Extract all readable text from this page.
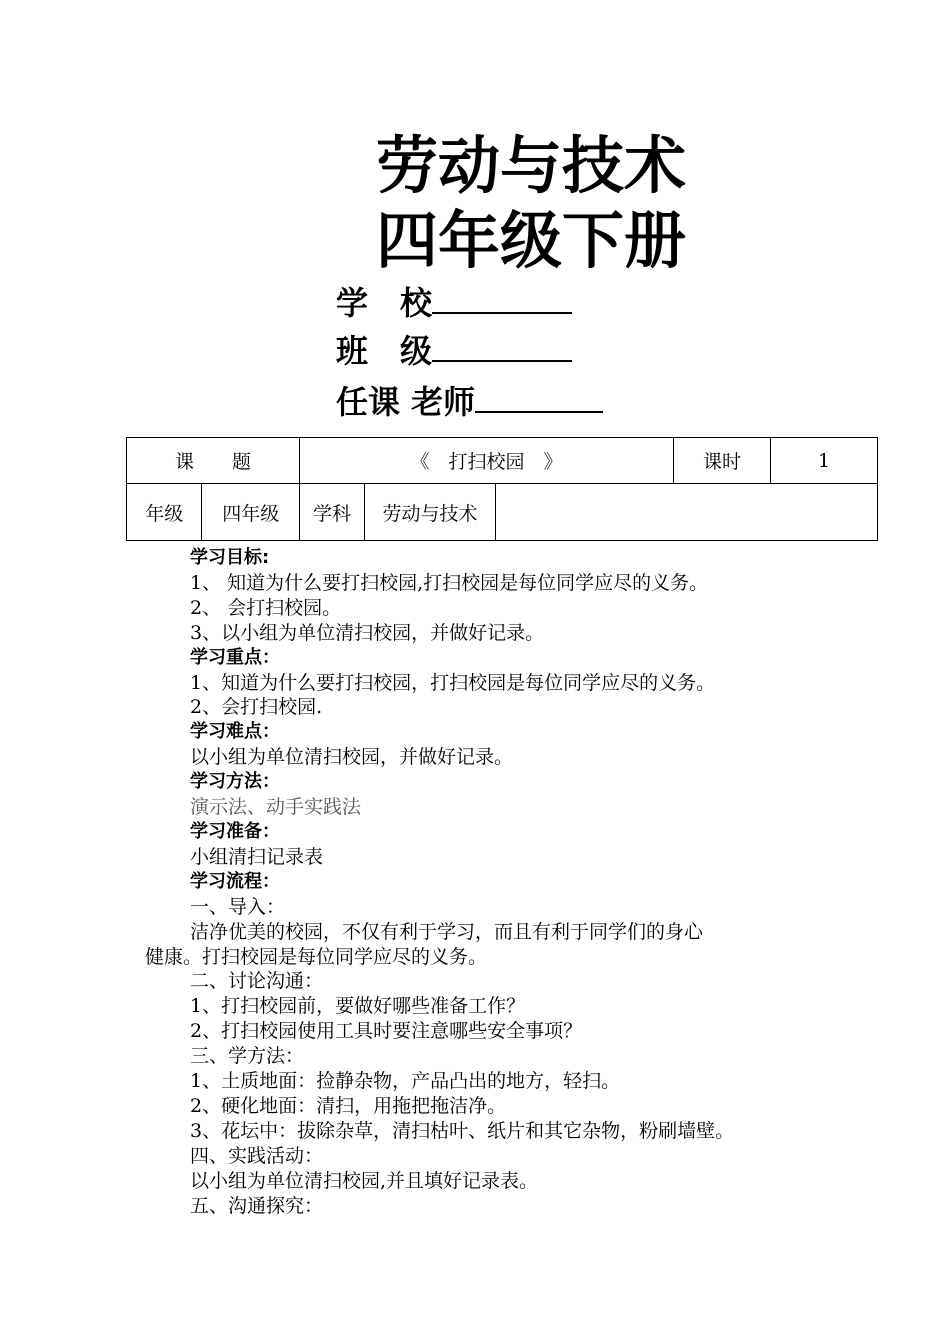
劳动与技术
四年级下册
学　校
班　级
任课 老师
课　　题		《　打扫校园　》			课时	1
年级	四年级	学科	劳动与技术			
学习目标:
1、 知道为什么要打扫校园,打扫校园是每位同学应尽的义务。
2、 会打扫校园。
3、以小组为单位清扫校园，并做好记录。
学习重点：
1、知道为什么要打扫校园，打扫校园是每位同学应尽的义务。
2、会打扫校园.
学习难点：
以小组为单位清扫校园，并做好记录。
学习方法：
演示法、动手实践法
学习准备：
小组清扫记录表
学习流程：
一、导入：
洁净优美的校园，不仅有利于学习，而且有利于同学们的身心
健康。打扫校园是每位同学应尽的义务。
二、讨论沟通：
1、打扫校园前，要做好哪些准备工作？
2、打扫校园使用工具时要注意哪些安全事项？
三、学方法：
1、土质地面：捡静杂物，产品凸出的地方，轻扫。
2、硬化地面：清扫，用拖把拖洁净。
3、花坛中：拔除杂草，清扫枯叶、纸片和其它杂物，粉刷墙壁。
四、实践活动：
以小组为单位清扫校园,并且填好记录表。
五、沟通探究：
